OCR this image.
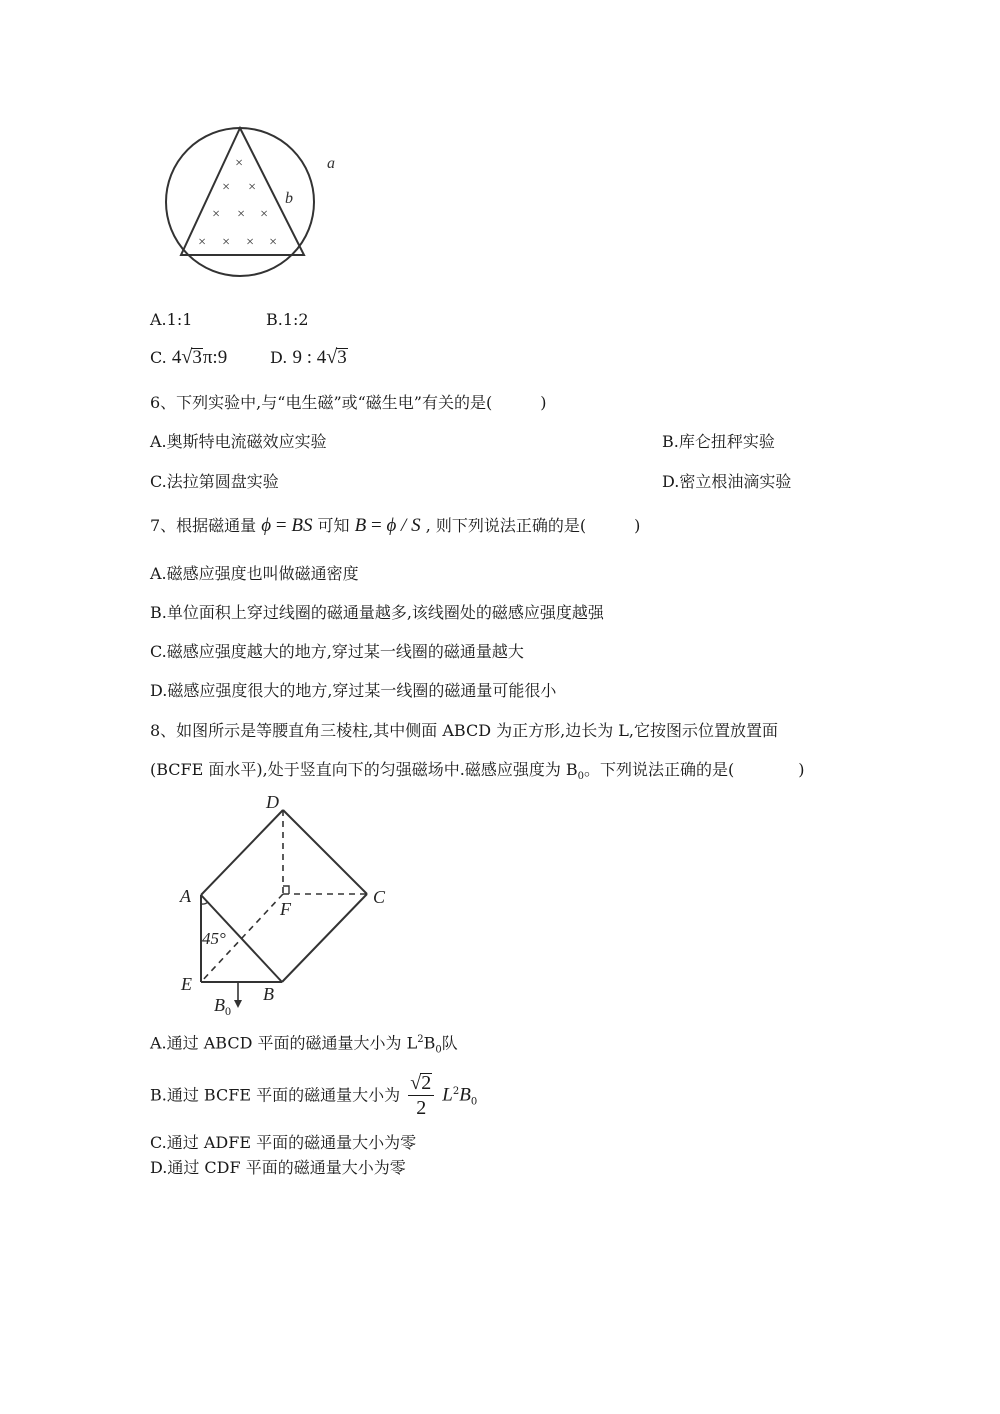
×
× ×
× × ×
× × × ×
a
b
A.1:1	B.1:2
C. 4√3π:9	D. 9 : 4√3
6、下列实验中,与“电生磁”或“磁生电”有关的是(　　　)
A.奥斯特电流磁效应实验	B.库仑扭秤实验
C.法拉第圆盘实验	D.密立根油滴实验
7、根据磁通量 ϕ = BS 可知 B = ϕ / S , 则下列说法正确的是(　　　)
A.磁感应强度也叫做磁通密度
B.单位面积上穿过线圈的磁通量越多,该线圈处的磁感应强度越强
C.磁感应强度越大的地方,穿过某一线圈的磁通量越大
D.磁感应强度很大的地方,穿过某一线圈的磁通量可能很小
8、如图所示是等腰直角三棱柱,其中侧面 ABCD 为正方形,边长为 L,它按图示位置放置面
(BCFE 面水平),处于竖直向下的匀强磁场中.磁感应强度为 $B_0$。下列说法正确的是(　　　　)
D
A	C
F
E	B
$B_0$
45°
A.通过 ABCD 平面的磁通量大小为 $L^2B_0$队
B.通过 BCFE 平面的磁通量大小为 $\frac{√2}{2} L^2B_0$
C.通过 ADFE 平面的磁通量大小为零
D.通过 CDF 平面的磁通量大小为零
